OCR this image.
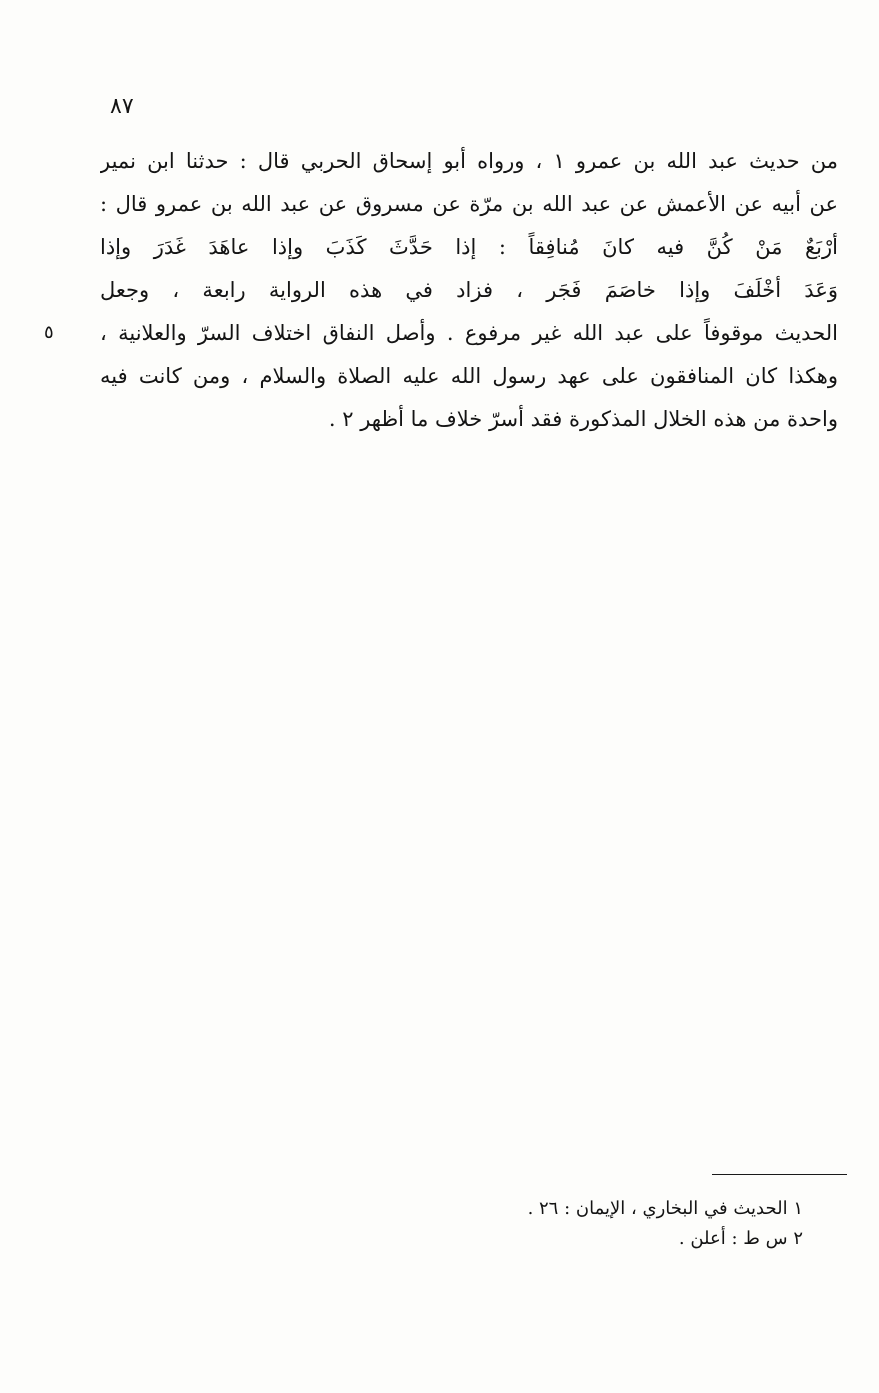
٨٧
٥
من حديث عبد الله بن عمرو ١ ، ورواه أبو إسحاق الحربي قال : حدثنا ابن نمير
عن أبيه عن الأعمش عن عبد الله بن مرّة عن مسروق عن عبد الله بن عمرو قال :
أرْبَعٌ مَنْ كُنَّ فيه كانَ مُنافِقاً : إذا حَدَّثَ كَذَبَ وإذا عاهَدَ غَدَرَ وإذا
وَعَدَ أخْلَفَ وإذا خاصَمَ فَجَر ، فزاد في هذه الرواية رابعة ، وجعل
الحديث موقوفاً على عبد الله غير مرفوع . وأصل النفاق اختلاف السرّ والعلانية ،
وهكذا كان المنافقون على عهد رسول الله عليه الصلاة والسلام ، ومن كانت فيه
واحدة من هذه الخلال المذكورة فقد أسرّ خلاف ما أظهر ٢ .
١ الحديث في البخاري ، الإيمان : ٢٦ .
٢ س ط : أعلن .
